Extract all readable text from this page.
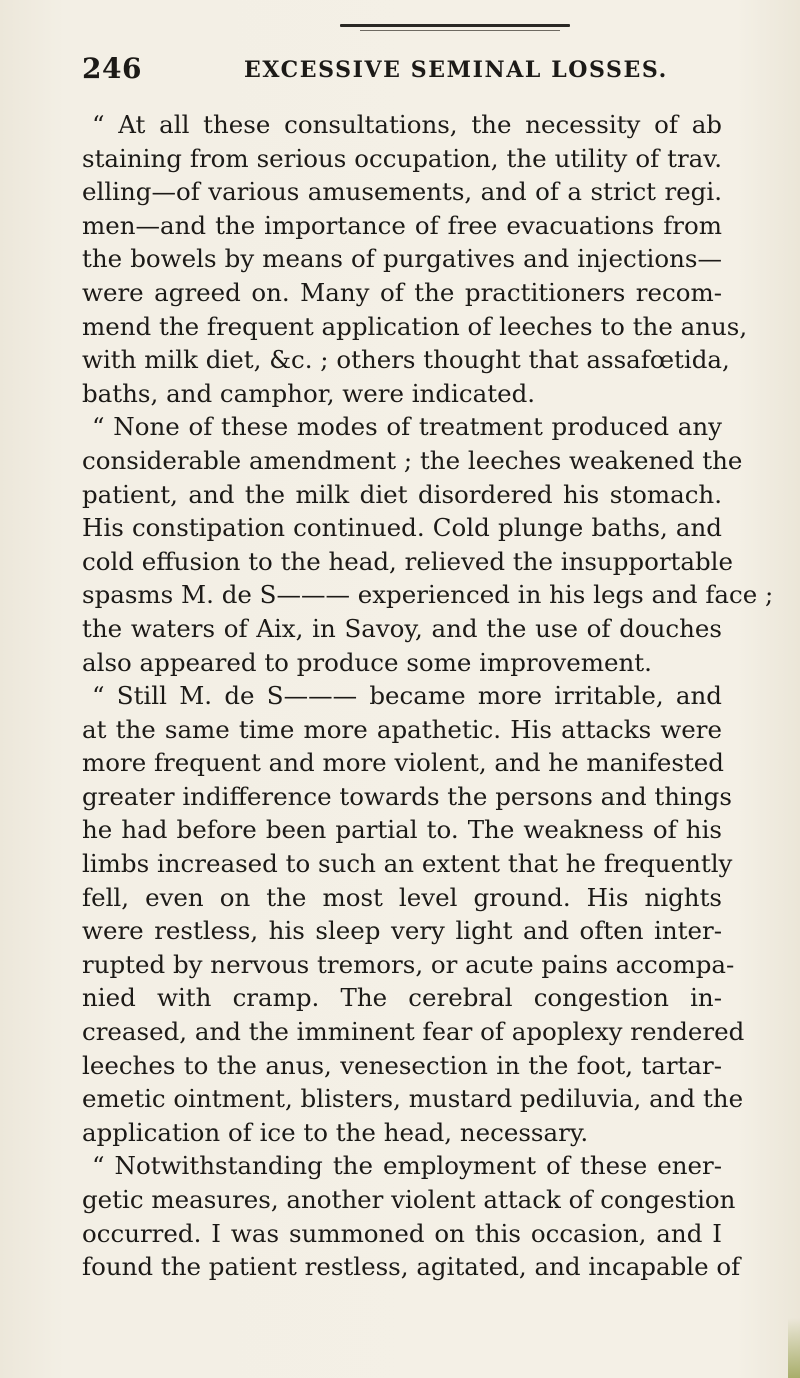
246	EXCESSIVE SEMINAL LOSSES.
“ At all these consultations, the necessity of ab
staining from serious occupation, the utility of trav.
elling—of various amusements, and of a strict regi.
men—and the importance of free evacuations from
the bowels by means of purgatives and injections—
were agreed on. Many of the practitioners recom-
mend the frequent application of leeches to the anus,
with milk diet, &c. ; others thought that assafœtida,
baths, and camphor, were indicated.
“ None of these modes of treatment produced any
considerable amendment ; the leeches weakened the
patient, and the milk diet disordered his stomach.
His constipation continued. Cold plunge baths, and
cold effusion to the head, relieved the insupportable
spasms M. de S——— experienced in his legs and face ;
the waters of Aix, in Savoy, and the use of douches
also appeared to produce some improvement.
“ Still M. de S——— became more irritable, and
at the same time more apathetic. His attacks were
more frequent and more violent, and he manifested
greater indifference towards the persons and things
he had before been partial to. The weakness of his
limbs increased to such an extent that he frequently
fell, even on the most level ground. His nights
were restless, his sleep very light and often inter-
rupted by nervous tremors, or acute pains accompa-
nied with cramp. The cerebral congestion in-
creased, and the imminent fear of apoplexy rendered
leeches to the anus, venesection in the foot, tartar-
emetic ointment, blisters, mustard pediluvia, and the
application of ice to the head, necessary.
“ Notwithstanding the employment of these ener-
getic measures, another violent attack of congestion
occurred. I was summoned on this occasion, and I
found the patient restless, agitated, and incapable of
